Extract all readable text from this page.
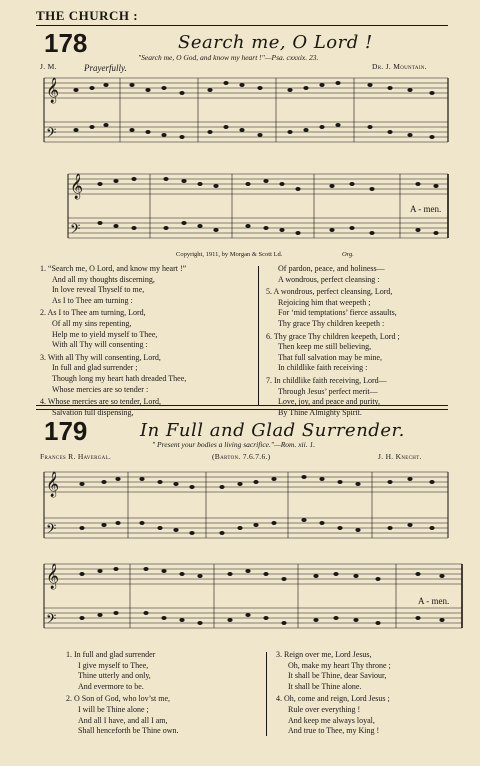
THE CHURCH :
178	Search me, O Lord !
"Search me, O God, and know my heart !"—Psa. cxxxix. 23.
J. M.	Prayerfully.	Dr. J. Mountain.
𝄞
𝄢
𝄞
𝄢
A - men.
Copyright, 1911, by Morgan & Scott Ld.	Org.
1. “Search me, O Lord, and know my heart !”
And all my thoughts discerning,
In love reveal Thyself to me,
As I to Thee am turning :
2. As I to Thee am turning, Lord,
Of all my sins repenting,
Help me to yield myself to Thee,
With all Thy will consenting :
3. With all Thy will consenting, Lord,
In full and glad surrender ;
Though long my heart hath dreaded Thee,
Whose mercies are so tender :
4. Whose mercies are so tender, Lord,
Salvation full dispensing,
Of pardon, peace, and holiness—
A wondrous, perfect cleansing :
5. A wondrous, perfect cleansing, Lord,
Rejoicing him that weepeth ;
For ‘mid temptations’ fierce assaults,
Thy grace Thy children keepeth :
6. Thy grace Thy children keepeth, Lord ;
Then keep me still believing,
That full salvation may be mine,
In childlike faith receiving :
7. In childlike faith receiving, Lord—
Through Jesus’ perfect merit—
Love, joy, and peace and purity,
By Thine Almighty Spirit.
179	In Full and Glad Surrender.
" Present your bodies a living sacrifice."—Rom. xii. 1.
Frances R. Havergal.	(Barton. 7.6.7.6.)	J. H. Knecht.
𝄞
𝄢
𝄞
𝄢
A - men.
1. In full and glad surrender
I give myself to Thee,
Thine utterly and only,
And evermore to be.
2. O Son of God, who lov’st me,
I will be Thine alone ;
And all I have, and all I am,
Shall henceforth be Thine own.
3. Reign over me, Lord Jesus,
Oh, make my heart Thy throne ;
It shall be Thine, dear Saviour,
It shall be Thine alone.
4. Oh, come and reign, Lord Jesus ;
Rule over everything !
And keep me always loyal,
And true to Thee, my King !
